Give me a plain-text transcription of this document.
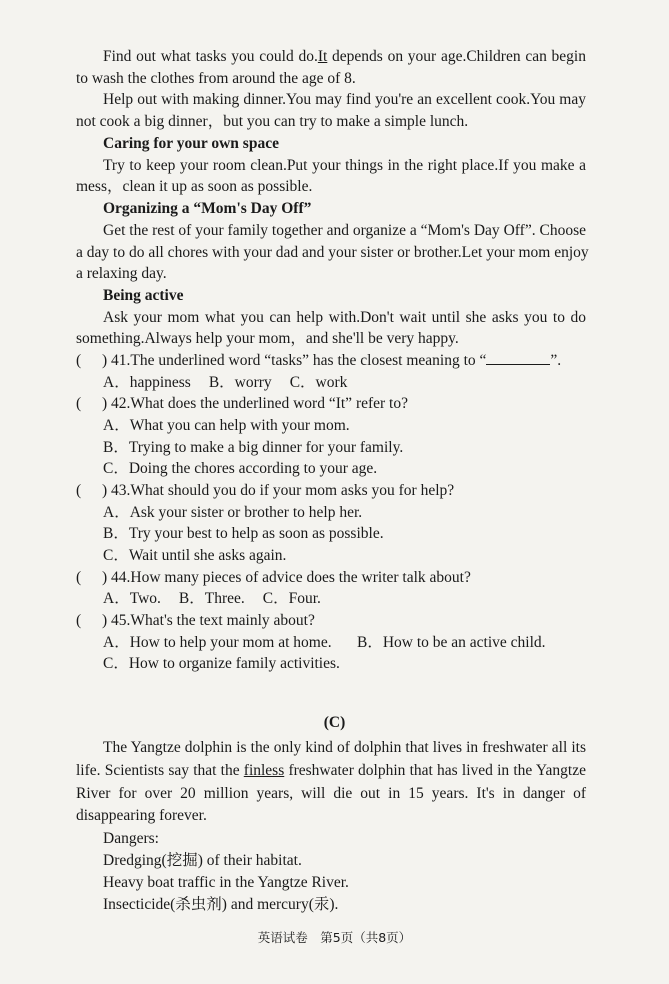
Find out what tasks you could do.It depends on your age.Children can begin
to wash the clothes from around the age of 8.
Help out with making dinner.You may find you're an excellent cook.You may
not cook a big dinner，but you can try to make a simple lunch.
Caring for your own space
Try to keep your room clean.Put your things in the right place.If you make a
mess，clean it up as soon as possible.
Organizing a “Mom's Day Off”
Get the rest of your family together and organize a “Mom's Day Off”. Choose
a day to do all chores with your dad and your sister or brother.Let your mom enjoy
a relaxing day.
Being active
Ask your mom what you can help with.Don't wait until she asks you to do
something.Always help your mom，and she'll be very happy.
( ) 41.The underlined word “tasks” has the closest meaning to “	”.
A．happiness B．worry C．work
( ) 42.What does the underlined word “It” refer to?
A．What you can help with your mom.
B．Trying to make a big dinner for your family.
C．Doing the chores according to your age.
( ) 43.What should you do if your mom asks you for help?
A．Ask your sister or brother to help her.
B．Try your best to help as soon as possible.
C．Wait until she asks again.
( ) 44.How many pieces of advice does the writer talk about?
A．Two. B．Three. C．Four.
( ) 45.What's the text mainly about?
A．How to help your mom at home. B．How to be an active child.
C．How to organize family activities.
(C)
The Yangtze dolphin is the only kind of dolphin that lives in freshwater all its
life. Scientists say that the finless freshwater dolphin that has lived in the Yangtze
River for over 20 million years, will die out in 15 years. It's in danger of
disappearing forever.
Dangers:
Dredging(挖掘) of their habitat.
Heavy boat traffic in the Yangtze River.
Insecticide(杀虫剂) and mercury(汞).
英语试卷　第5页（共8页）
